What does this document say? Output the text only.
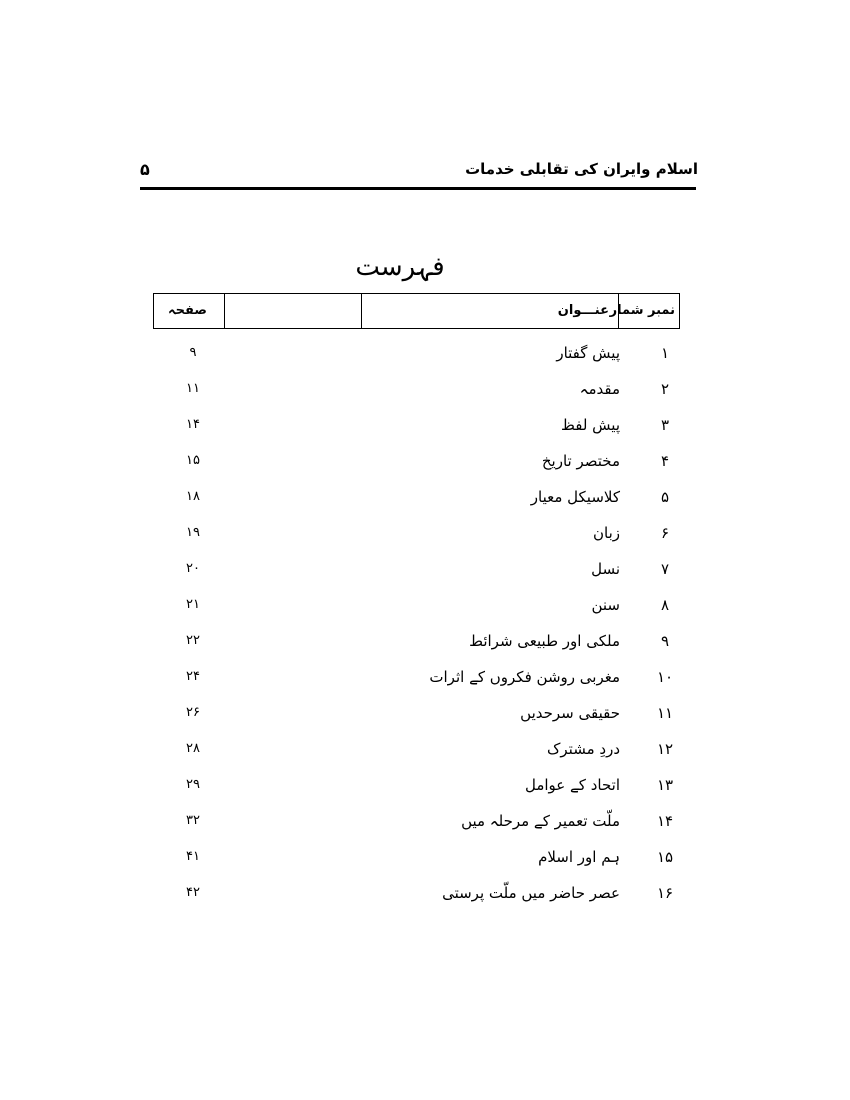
اسلام وایران کی تقابلی خدمات
۵
فہرست
نمبر شمار
عنـــوان
صفحہ
۱
پیش گفتار
۹
۲
مقدمہ
۱۱
۳
پیش لفظ
۱۴
۴
مختصر تاریخ
۱۵
۵
کلاسیکل معیار
۱۸
۶
زبان
۱۹
۷
نسل
۲۰
۸
سنن
۲۱
۹
ملکی اور طبیعی شرائط
۲۲
۱۰
مغربی روشن فکروں کے اثرات
۲۴
۱۱
حقیقی سرحدیں
۲۶
۱۲
دردِ مشترک
۲۸
۱۳
اتحاد کے عوامل
۲۹
۱۴
ملّت تعمیر کے مرحلہ میں
۳۲
۱۵
ہم اور اسلام
۴۱
۱۶
عصر حاضر میں ملّت پرستی
۴۲
